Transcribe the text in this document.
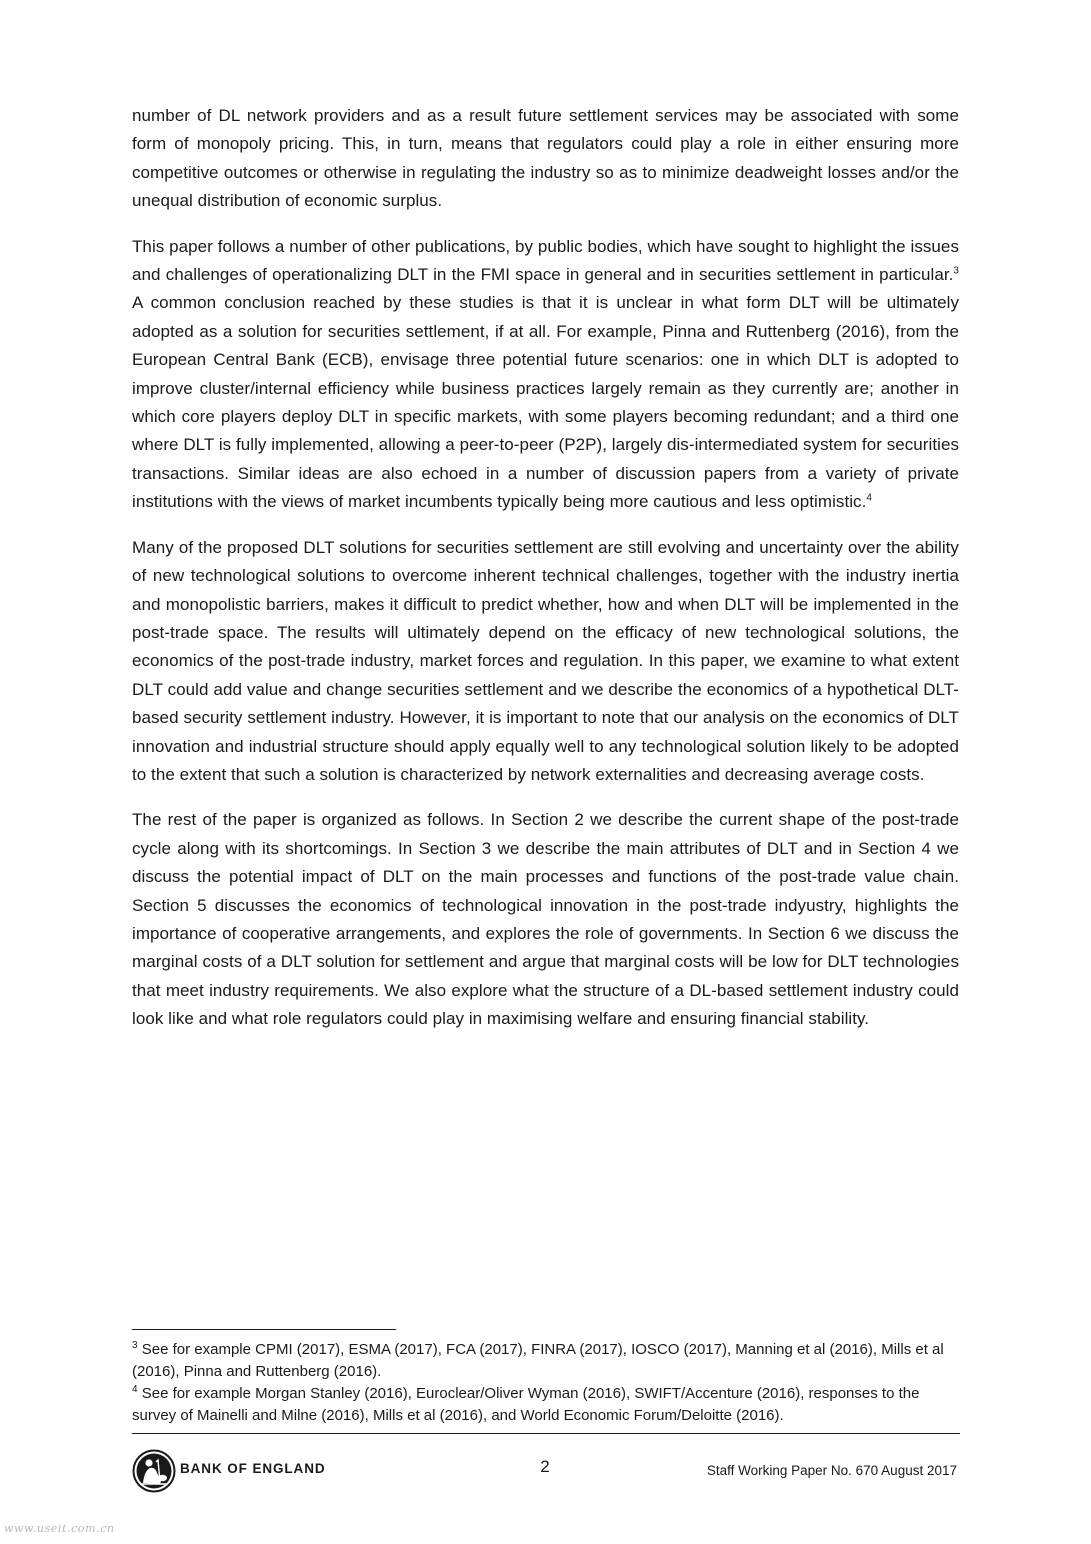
number of DL network providers and as a result future settlement services may be associated with some form of monopoly pricing. This, in turn, means that regulators could play a role in either ensuring more competitive outcomes or otherwise in regulating the industry so as to minimize deadweight losses and/or the unequal distribution of economic surplus.

This paper follows a number of other publications, by public bodies, which have sought to highlight the issues and challenges of operationalizing DLT in the FMI space in general and in securities settlement in particular.$^3$  A common conclusion reached by these studies is that it is unclear in what form DLT will be ultimately adopted as a solution for securities settlement, if at all. For example, Pinna and Ruttenberg (2016), from the European Central Bank (ECB), envisage three potential future scenarios: one in which DLT is adopted to improve cluster/internal efficiency while business practices largely remain as they currently are; another in which core players deploy DLT in specific markets, with some players becoming redundant; and a third one where DLT is fully implemented, allowing a peer-to-peer (P2P), largely dis-intermediated system for securities transactions. Similar ideas are also echoed in a number of discussion papers from a variety of private institutions with the views of market incumbents typically being more cautious and less optimistic.$^4$

Many of the proposed DLT solutions for securities settlement are still evolving and uncertainty over the ability of new technological solutions to overcome inherent technical challenges, together with the industry inertia and monopolistic barriers, makes it difficult to predict whether, how and when DLT will be implemented in the post-trade space. The results will ultimately depend on the efficacy of new technological solutions, the economics of the post-trade industry, market forces and regulation. In this paper, we examine to what extent DLT could add value and change securities settlement and we describe the economics of a hypothetical DLT-based security settlement industry. However, it is important to note that our analysis on the economics of DLT innovation and industrial structure should apply equally well to any technological solution likely to be adopted to the extent that such a solution is characterized by network externalities and decreasing average costs.

The rest of the paper is organized as follows. In Section 2 we describe the current shape of the post-trade cycle along with its shortcomings. In Section 3 we describe the main attributes of DLT and in Section 4 we discuss the potential impact of DLT on the main processes and functions of the post-trade value chain. Section 5 discusses the economics of technological innovation in the post-trade indyustry, highlights the importance of cooperative arrangements, and explores the role of governments. In Section 6 we discuss the marginal costs of a DLT solution for settlement and argue that marginal costs will be low for DLT technologies that meet industry requirements. We also explore what the structure of a DL-based settlement industry could look like and what role regulators could play in maximising welfare and ensuring financial stability.

$^3$ See for example CPMI (2017), ESMA (2017), FCA (2017), FINRA (2017), IOSCO (2017), Manning et al (2016), Mills et al (2016), Pinna and Ruttenberg (2016).

$^4$ See for example Morgan Stanley (2016), Euroclear/Oliver Wyman (2016), SWIFT/Accenture (2016), responses to the survey of Mainelli and Milne (2016), Mills et al (2016), and World Economic Forum/Deloitte (2016).

BANK OF ENGLAND	2	Staff Working Paper No. 670 August 2017
www.useit.com.cn
